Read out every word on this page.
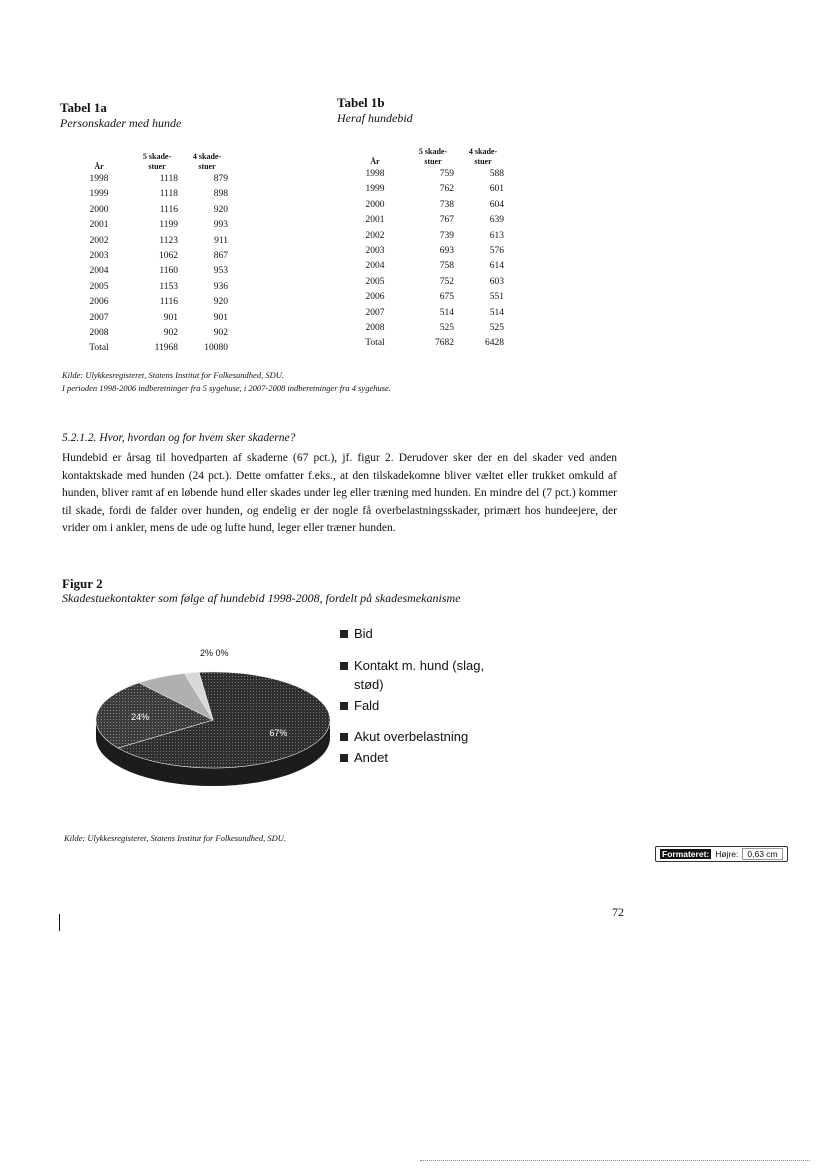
Tabel 1a
Personskader med hunde
År	5 skade-stuer	4 skade-stuer
1998	1118	879
1999	1118	898
2000	1116	920
2001	1199	993
2002	1123	911
2003	1062	867
2004	1160	953
2005	1153	936
2006	1116	920
2007	901	901
2008	902	902
Total	11968	10080
Tabel 1b
Heraf hundebid
År	5 skade-stuer	4 skade-stuer
1998	759	588
1999	762	601
2000	738	604
2001	767	639
2002	739	613
2003	693	576
2004	758	614
2005	752	603
2006	675	551
2007	514	514
2008	525	525
Total	7682	6428
Kilde: Ulykkesregisteret, Statens Institut for Folkesundhed, SDU.
I perioden 1998-2006 indberetninger fra 5 sygehuse, i 2007-2008 indberetninger fra 4 sygehuse.
5.2.1.2. Hvor, hvordan og for hvem sker skaderne?
Hundebid er årsag til hovedparten af skaderne (67 pct.), jf. figur 2. Derudover sker der en del skader ved anden kontaktskade med hunden (24 pct.). Dette omfatter f.eks., at den tilskadekomne bliver væltet eller trukket omkuld af hunden, bliver ramt af en løbende hund eller skades under leg eller træning med hunden. En mindre del (7 pct.) kommer til skade, fordi de falder over hunden, og endelig er der nogle få overbelastningsskader, primært hos hundeejere, der vrider om i ankler, mens de ude og lufte hund, leger eller træner hunden.
Figur 2
Skadestuekontakter som følge af hundebid 1998-2008, fordelt på skadesmekanisme
67%
24%
2% 0%
Bid
Kontakt m. hund (slag, stød)
Fald
Akut overbelastning
Andet
Kilde: Ulykkesregisteret, Statens Institut for Folkesundhed, SDU.
Formateret: Højre:	0,63 cm
72
